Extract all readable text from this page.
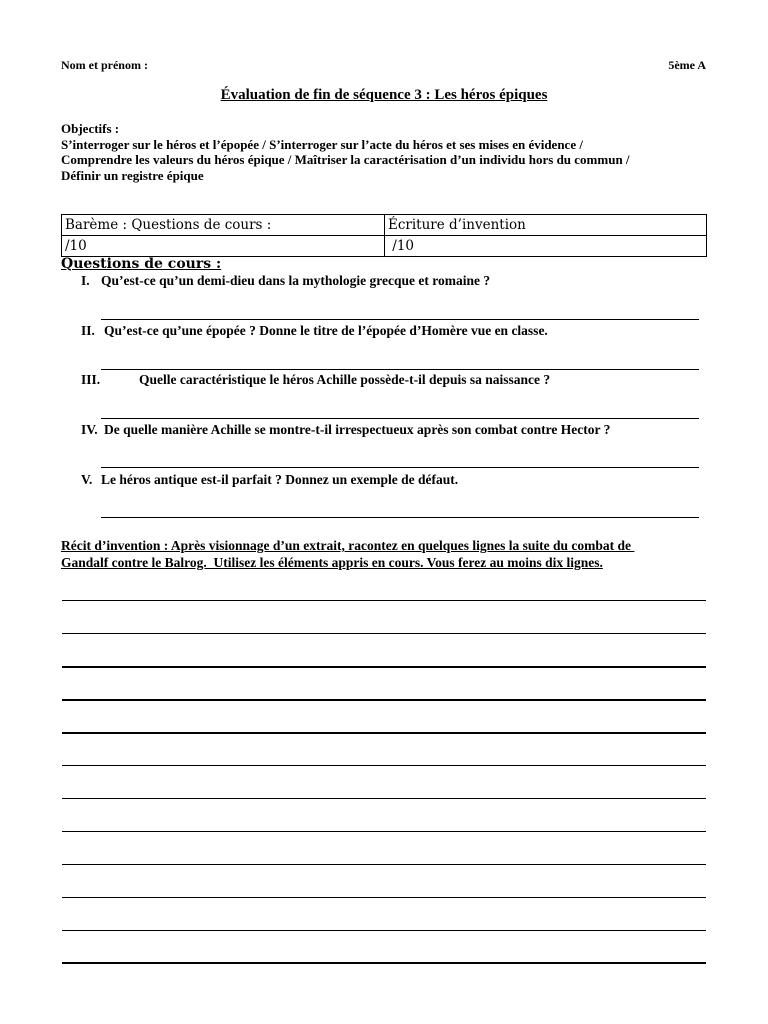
Nom et prénom :	5ème A
Évaluation de fin de séquence 3 : Les héros épiques
Objectifs :
S’interroger sur le héros et l’épopée / S’interroger sur l’acte du héros et ses mises en évidence /
Comprendre les valeurs du héros épique / Maîtriser la caractérisation d’un individu hors du commun /
Définir un registre épique
Barème : Questions de cours :	Écriture d’invention
/10	/10
Questions de cours :
I. Qu’est-ce qu’un demi-dieu dans la mythologie grecque et romaine ?
II. Qu’est-ce qu’une épopée ? Donne le titre de l’épopée d’Homère vue en classe.
III.	Quelle caractéristique le héros Achille possède-t-il depuis sa naissance ?
IV. De quelle manière Achille se montre-t-il irrespectueux après son combat contre Hector ?
V. Le héros antique est-il parfait ? Donnez un exemple de défaut.
Récit d’invention : Après visionnage d’un extrait, racontez en quelques lignes la suite du combat de
Gandalf contre le Balrog.  Utilisez les éléments appris en cours. Vous ferez au moins dix lignes.
